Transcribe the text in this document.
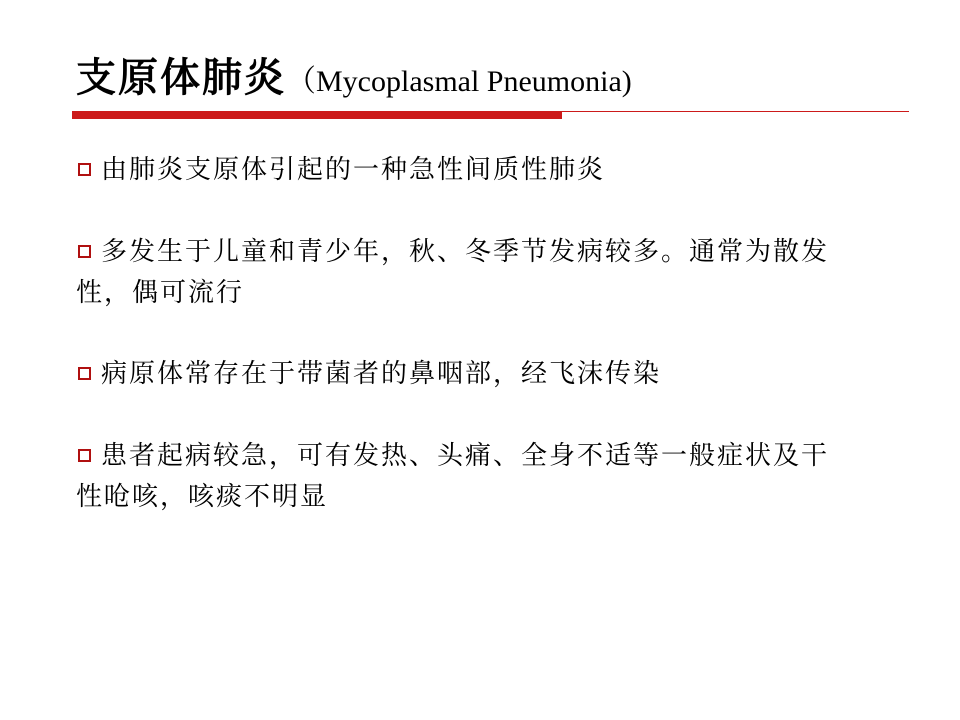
支原体肺炎（Mycoplasmal Pneumonia)
由肺炎支原体引起的一种急性间质性肺炎
多发生于儿童和青少年，秋、冬季节发病较多。通常为散发性，偶可流行
病原体常存在于带菌者的鼻咽部，经飞沫传染
患者起病较急，可有发热、头痛、全身不适等一般症状及干性呛咳，咳痰不明显
